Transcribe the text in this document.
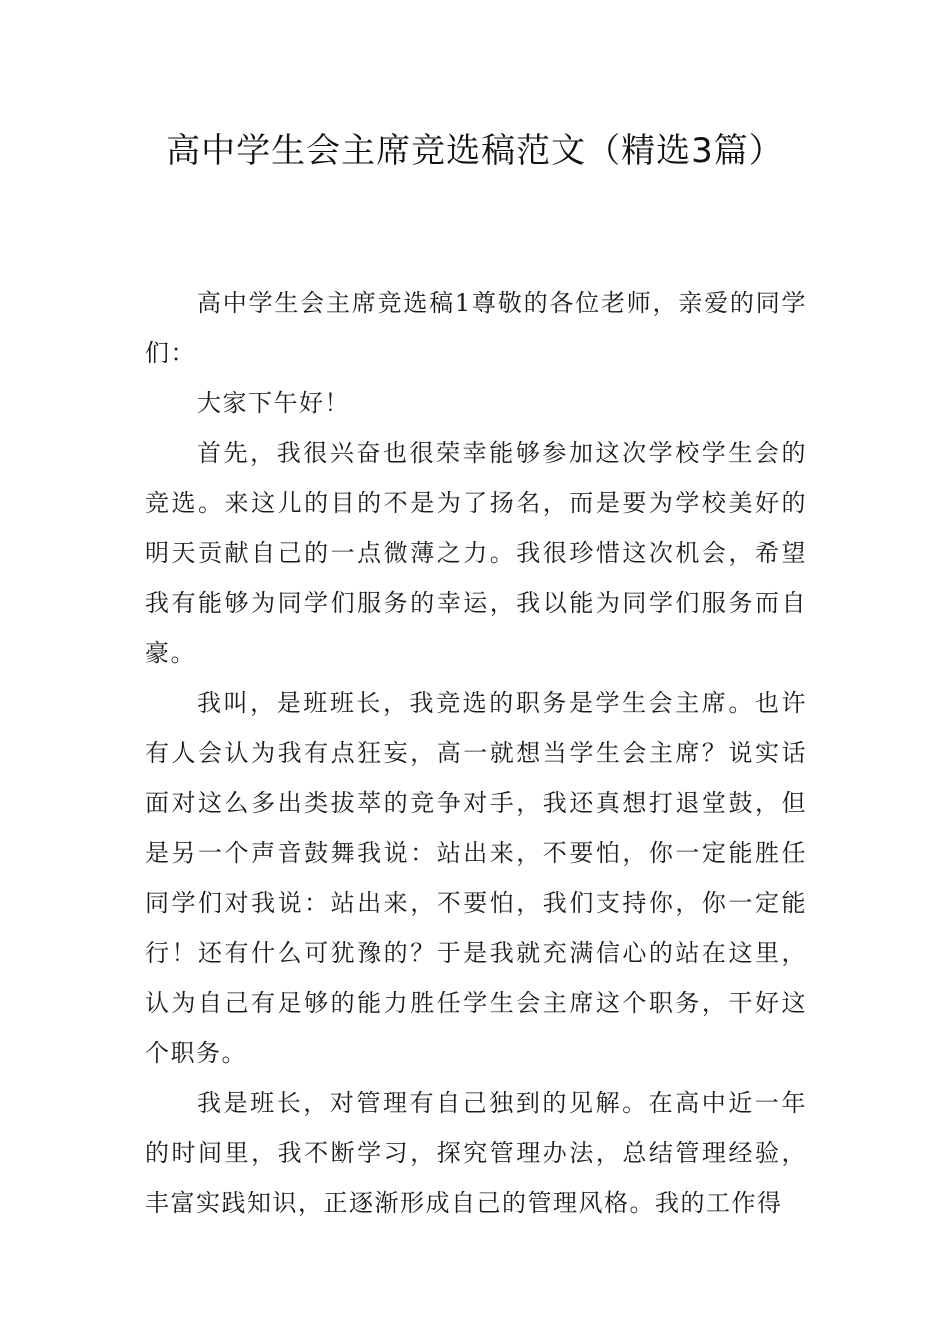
高中学生会主席竞选稿范文（精选3篇）

高中学生会主席竞选稿1尊敬的各位老师，亲爱的同学们：

大家下午好！

首先，我很兴奋也很荣幸能够参加这次学校学生会的竞选。来这儿的目的不是为了扬名，而是要为学校美好的明天贡献自己的一点微薄之力。我很珍惜这次机会，希望我有能够为同学们服务的幸运，我以能为同学们服务而自豪。

我叫，是班班长，我竞选的职务是学生会主席。也许有人会认为我有点狂妄，高一就想当学生会主席？说实话面对这么多出类拔萃的竞争对手，我还真想打退堂鼓，但是另一个声音鼓舞我说：站出来，不要怕，你一定能胜任同学们对我说：站出来，不要怕，我们支持你，你一定能行！还有什么可犹豫的？于是我就充满信心的站在这里，认为自己有足够的能力胜任学生会主席这个职务，干好这个职务。

我是班长，对管理有自己独到的见解。在高中近一年的时间里，我不断学习，探究管理办法，总结管理经验，丰富实践知识，正逐渐形成自己的管理风格。我的工作得
